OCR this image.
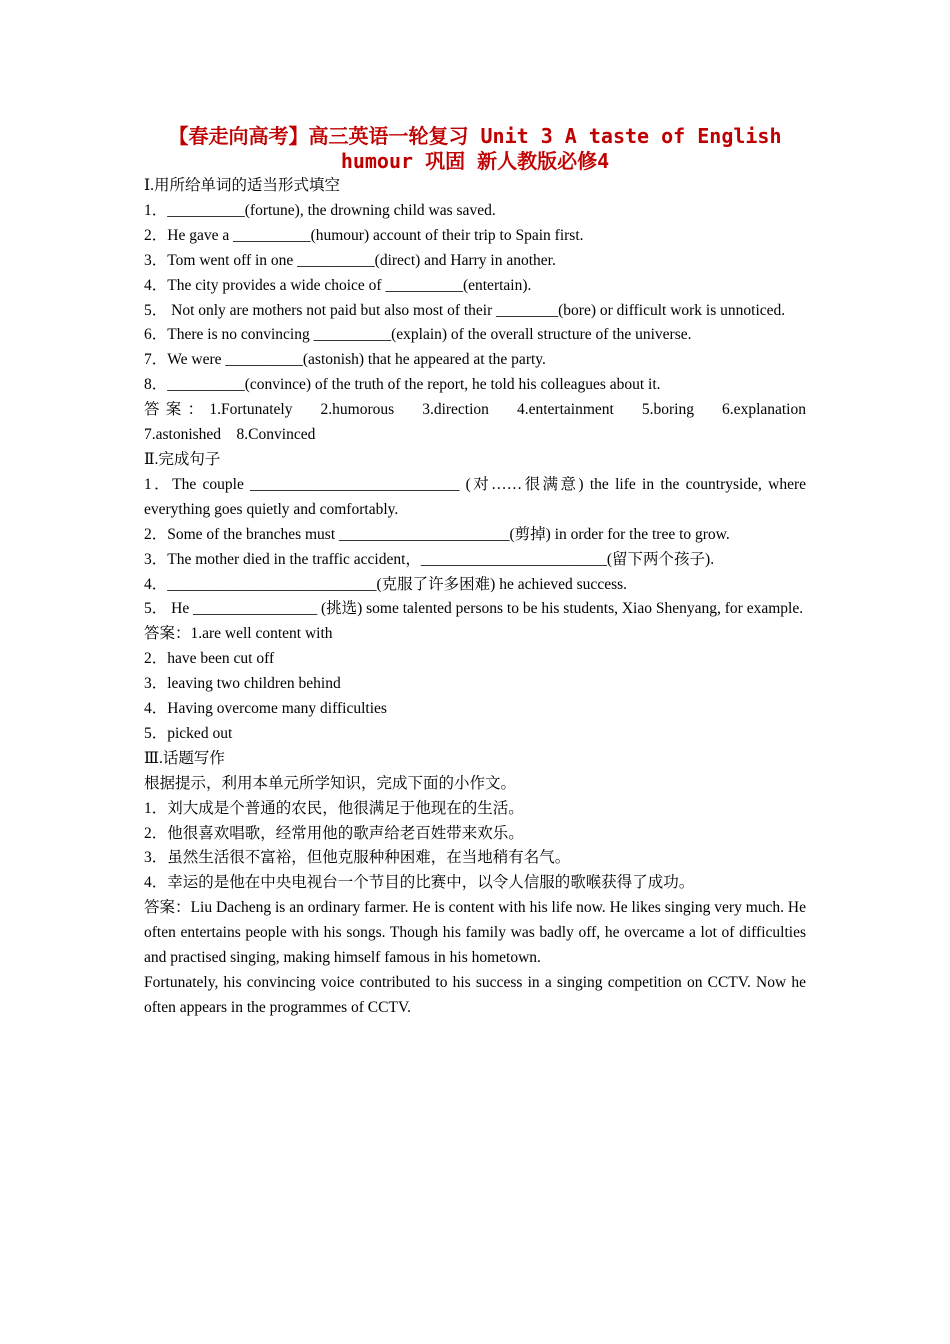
【春走向高考】高三英语一轮复习 Unit 3 A taste of English
humour 巩固 新人教版必修4
Ⅰ.用所给单词的适当形式填空
1．__________(fortune), the drowning child was saved.
2．He gave a __________(humour) account of their trip to Spain first.
3．Tom went off in one __________(direct) and Harry in another.
4．The city provides a wide choice of __________(entertain).
5． Not only are mothers not paid but also most of their ________(bore) or difficult work is unnoticed.
6．There is no convincing __________(explain) of the overall structure of the universe.
7．We were __________(astonish) that he appeared at the party.
8．__________(convince) of the truth of the report, he told his colleagues about it.
答案：1.Fortunately　2.humorous　3.direction　4.entertainment　5.boring　6.explanation　7.astonished　8.Convinced
Ⅱ.完成句子
1．The couple ___________________________ (对……很满意) the life in the countryside, where everything goes quietly and comfortably.
2．Some of the branches must ______________________(剪掉) in order for the tree to grow.
3．The mother died in the traffic accident，________________________(留下两个孩子).
4．___________________________(克服了许多困难) he achieved success.
5． He ________________ (挑选) some talented persons to be his students, Xiao Shenyang, for example.
答案：1.are well content with
2．have been cut off
3．leaving two children behind
4．Having overcome many difficulties
5．picked out
Ⅲ.话题写作
根据提示，利用本单元所学知识，完成下面的小作文。
1．刘大成是个普通的农民，他很满足于他现在的生活。
2．他很喜欢唱歌，经常用他的歌声给老百姓带来欢乐。
3．虽然生活很不富裕，但他克服种种困难，在当地稍有名气。
4．幸运的是他在中央电视台一个节目的比赛中，以令人信服的歌喉获得了成功。
答案：Liu Dacheng is an ordinary farmer. He is content with his life now. He likes singing very much. He often entertains people with his songs. Though his family was badly off, he overcame a lot of difficulties and practised singing, making himself famous in his hometown.
Fortunately, his convincing voice contributed to his success in a singing competition on CCTV. Now he often appears in the programmes of CCTV.
